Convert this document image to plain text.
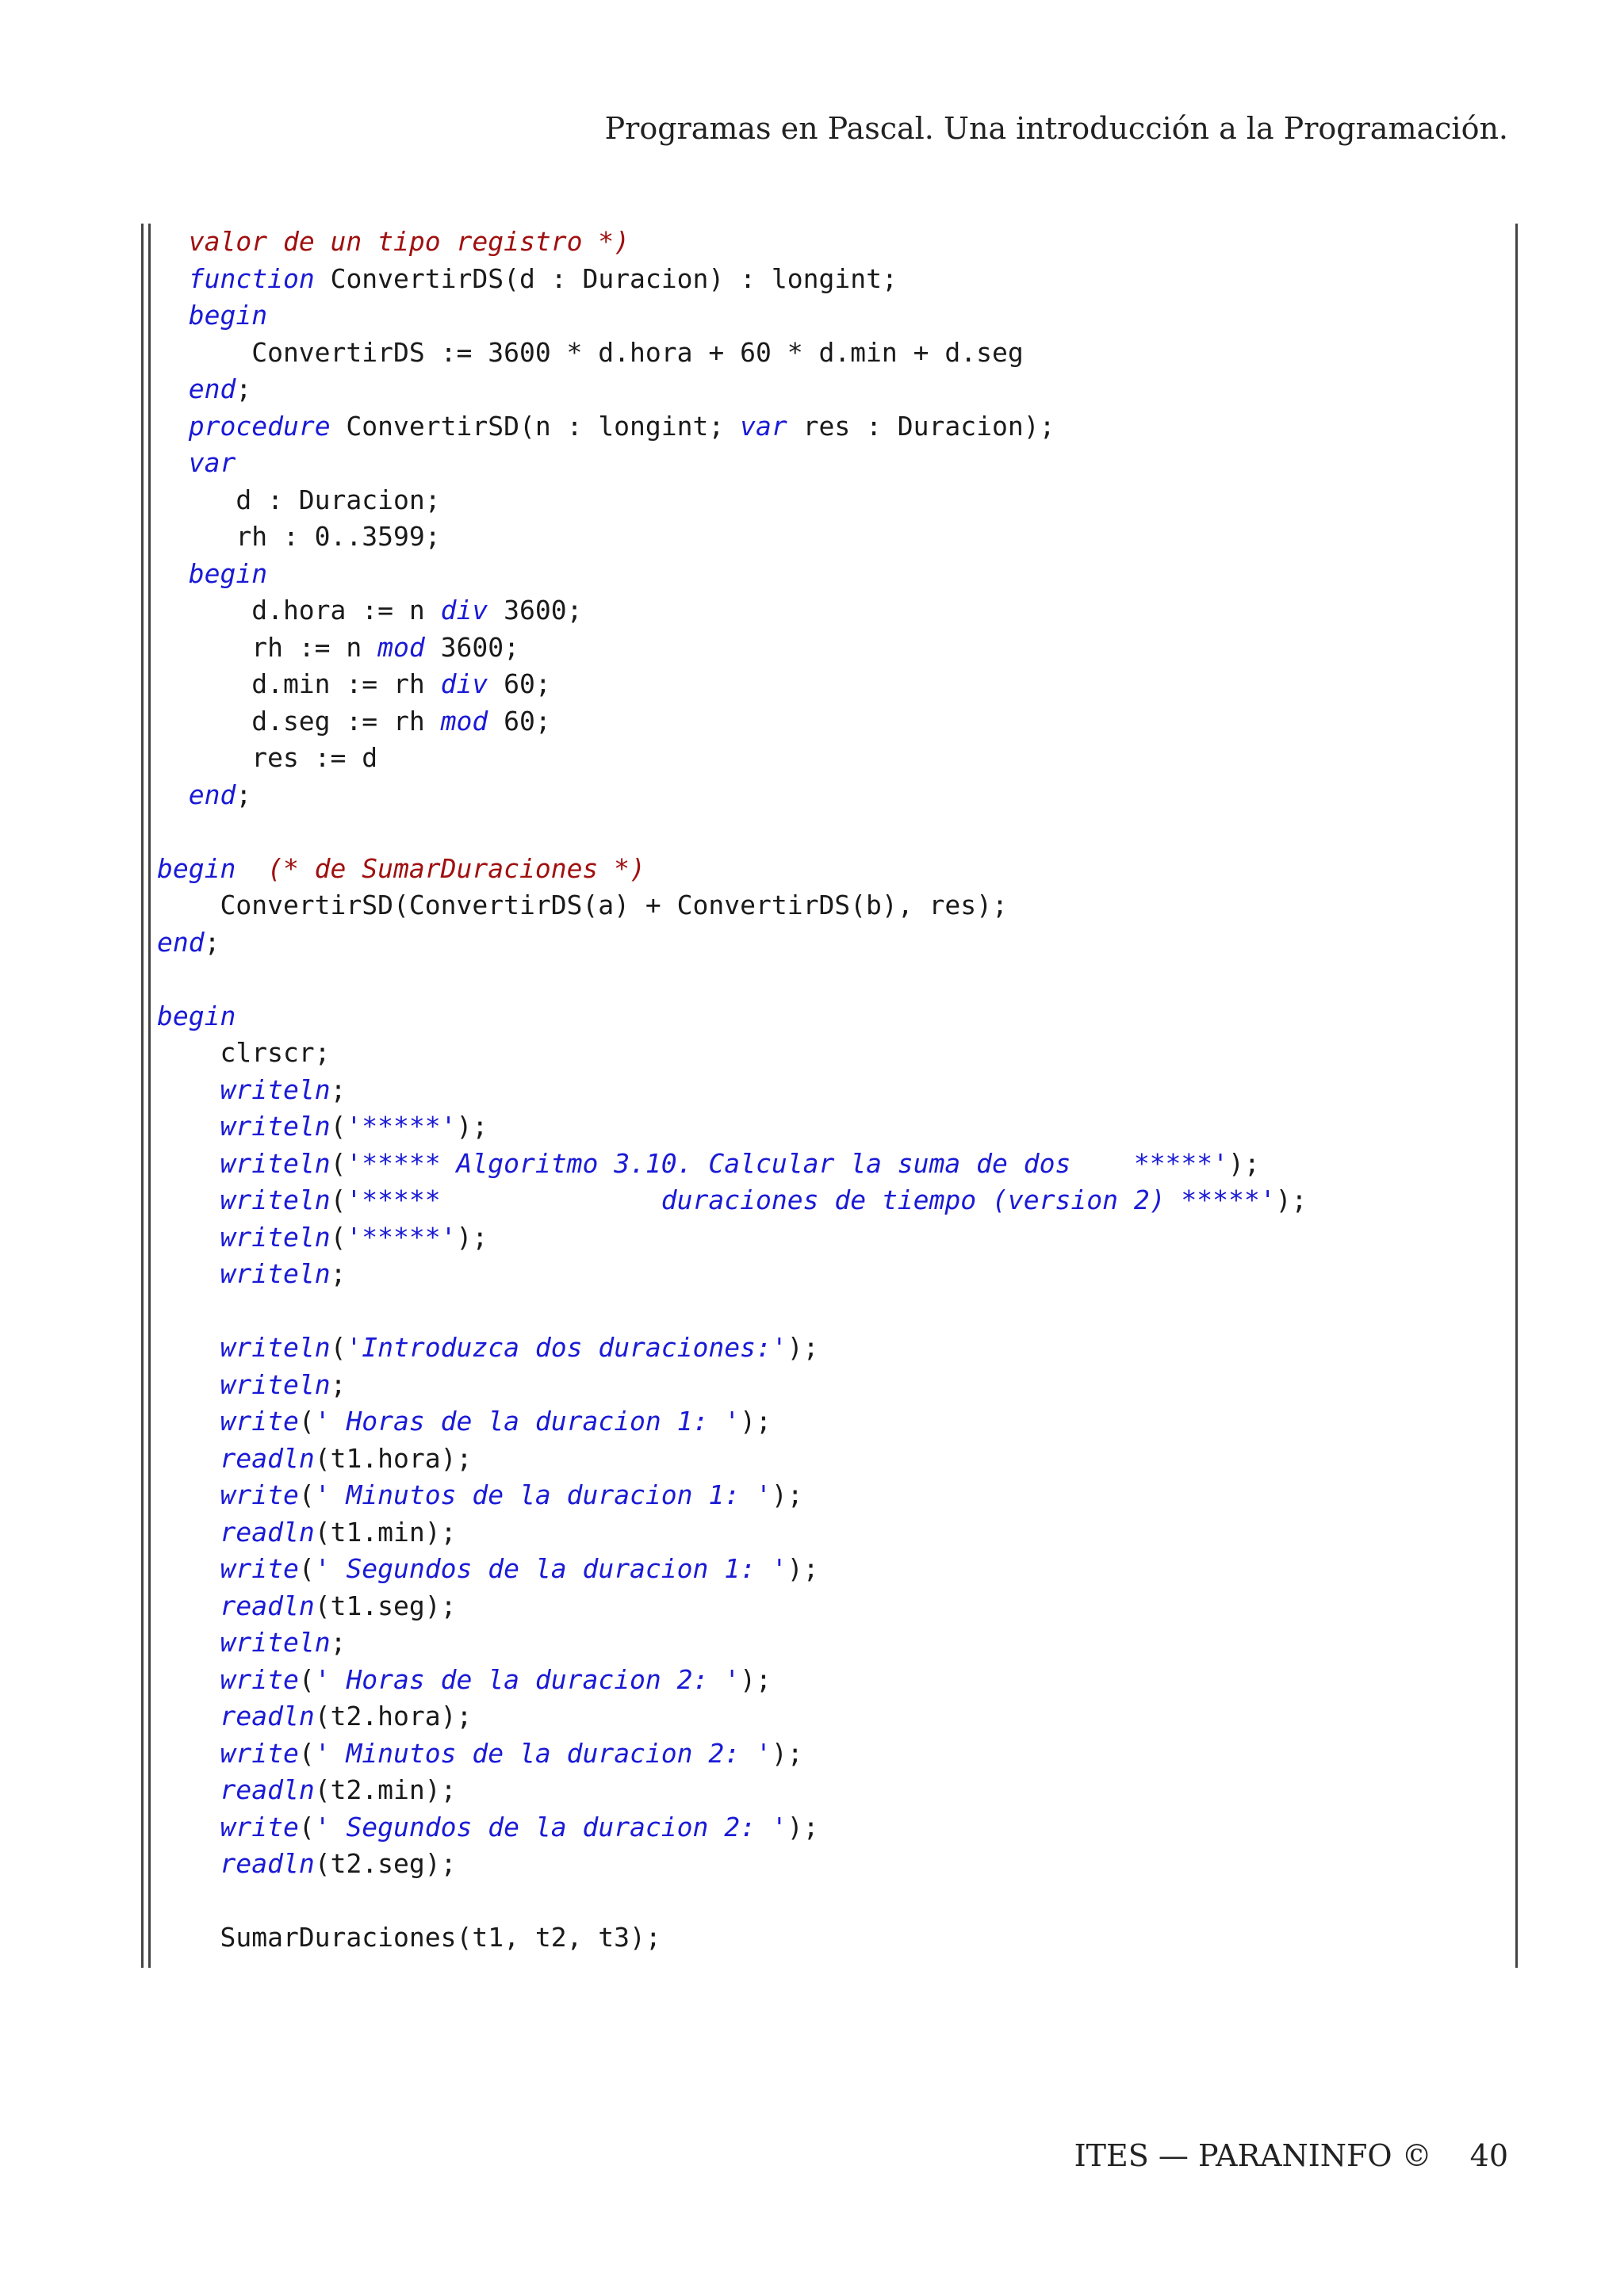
Programas en Pascal. Una introducción a la Programación.
valor de un tipo registro *)
function ConvertirDS(d : Duracion) : longint;
begin
ConvertirDS := 3600 * d.hora + 60 * d.min + d.seg
end;
procedure ConvertirSD(n : longint; var res : Duracion);
var
d : Duracion;
rh : 0..3599;
begin
d.hora := n div 3600;
rh := n mod 3600;
d.min := rh div 60;
d.seg := rh mod 60;
res := d
end;

begin  (* de SumarDuraciones *)
ConvertirSD(ConvertirDS(a) + ConvertirDS(b), res);
end;

begin
clrscr;
writeln;
writeln('*****');
writeln('***** Algoritmo 3.10. Calcular la suma de dos    *****');
writeln('*****              duraciones de tiempo (version 2) *****');
writeln('*****');
writeln;

writeln('Introduzca dos duraciones:');
writeln;
write(' Horas de la duracion 1: ');
readln(t1.hora);
write(' Minutos de la duracion 1: ');
readln(t1.min);
write(' Segundos de la duracion 1: ');
readln(t1.seg);
writeln;
write(' Horas de la duracion 2: ');
readln(t2.hora);
write(' Minutos de la duracion 2: ');
readln(t2.min);
write(' Segundos de la duracion 2: ');
readln(t2.seg);

SumarDuraciones(t1, t2, t3);
ITES — PARANINFO © 40
